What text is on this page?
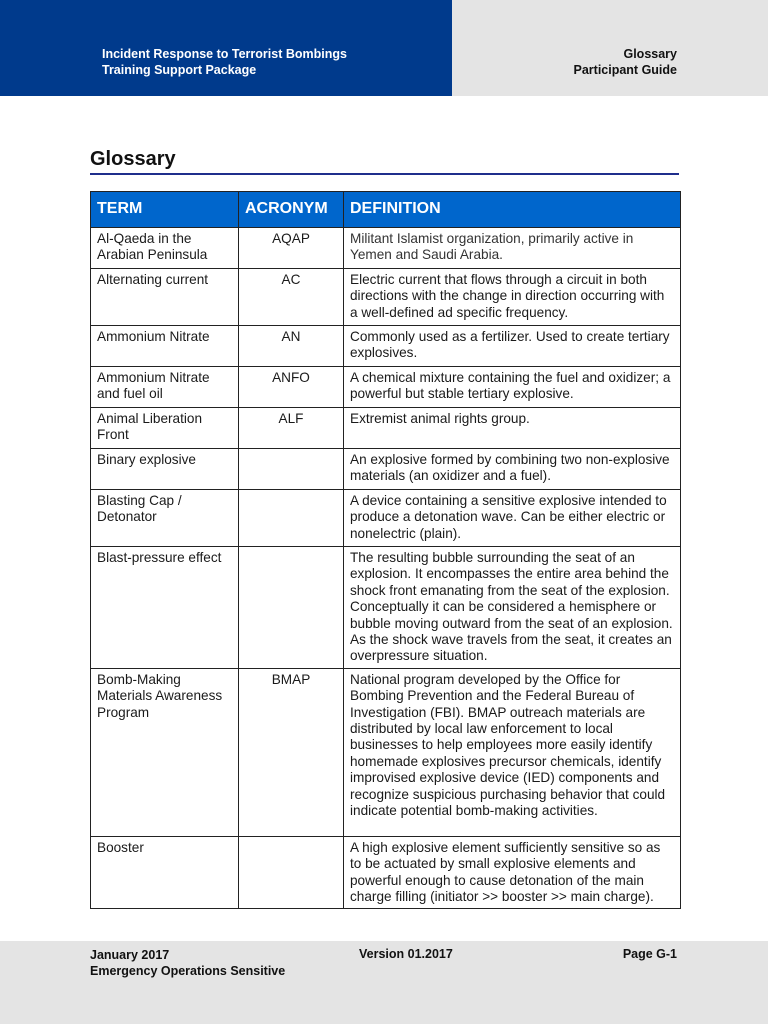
Incident Response to Terrorist Bombings
Training Support Package
Glossary
Participant Guide
Glossary
TERM	ACRONYM	DEFINITION
Al-Qaeda in the Arabian Peninsula	AQAP	Militant Islamist organization, primarily active in Yemen and Saudi Arabia.
Alternating current	AC	Electric current that flows through a circuit in both directions with the change in direction occurring with a well-defined ad specific frequency.
Ammonium Nitrate	AN	Commonly used as a fertilizer. Used to create tertiary explosives.
Ammonium Nitrate and fuel oil	ANFO	A chemical mixture containing the fuel and oxidizer; a powerful but stable tertiary explosive.
Animal Liberation Front	ALF	Extremist animal rights group.
Binary explosive		An explosive formed by combining two non-explosive materials (an oxidizer and a fuel).
Blasting Cap / Detonator		A device containing a sensitive explosive intended to produce a detonation wave. Can be either electric or nonelectric (plain).
Blast-pressure effect		The resulting bubble surrounding the seat of an explosion. It encompasses the entire area behind the shock front emanating from the seat of the explosion. Conceptually it can be considered a hemisphere or bubble moving outward from the seat of an explosion. As the shock wave travels from the seat, it creates an overpressure situation.
Bomb-Making Materials Awareness Program	BMAP	National program developed by the Office for Bombing Prevention and the Federal Bureau of Investigation (FBI). BMAP outreach materials are distributed by local law enforcement to local businesses to help employees more easily identify homemade explosives precursor chemicals, identify improvised explosive device (IED) components and recognize suspicious purchasing behavior that could indicate potential bomb-making activities.
Booster		A high explosive element sufficiently sensitive so as to be actuated by small explosive elements and powerful enough to cause detonation of the main charge filling (initiator >> booster >> main charge).
January 2017
Emergency Operations Sensitive
Version 01.2017	Page G-1
